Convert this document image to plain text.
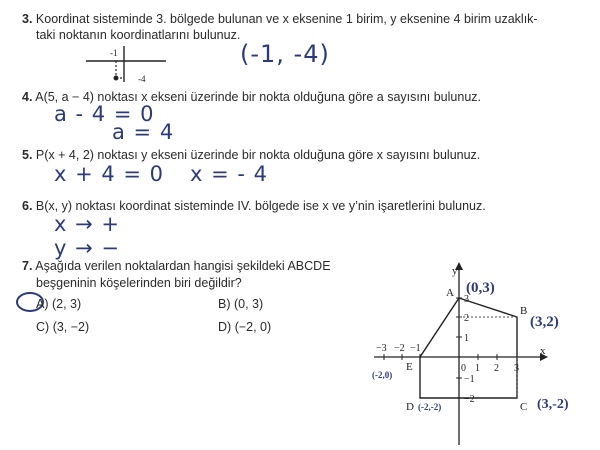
3. Koordinat sisteminde 3. bölgede bulunan ve x eksenine 1 birim, y eksenine 4 birim uzaklık-
taki noktanın koordinatlarını bulunuz.
-1
-4
(-1, -4)
4. A(5, a − 4) noktası x ekseni üzerinde bir nokta olduğuna göre a sayısını bulunuz.
a - 4 = 0
a = 4
5. P(x + 4, 2) noktası y ekseni üzerinde bir nokta olduğuna göre x sayısını bulunuz.
x + 4 = 0 x = - 4
6. B(x, y) noktası koordinat sisteminde IV. bölgede ise x ve y’nin işaretlerini bulunuz.
x → +
y → −
7. Aşağıda verilen noktalardan hangisi şekildeki ABCDE
beşgeninin köşelerinden biri değildir?
A) (2, 3)	B) (0, 3)
C) (3, −2)	D) (−2, 0)
x
y
−3 −2 −1
0 1 2 3
3
2
1
−1
−2
A
B
C
D
E
(0,3)
(3,2)
(-2,0)
(3,-2)
(-2,-2)
